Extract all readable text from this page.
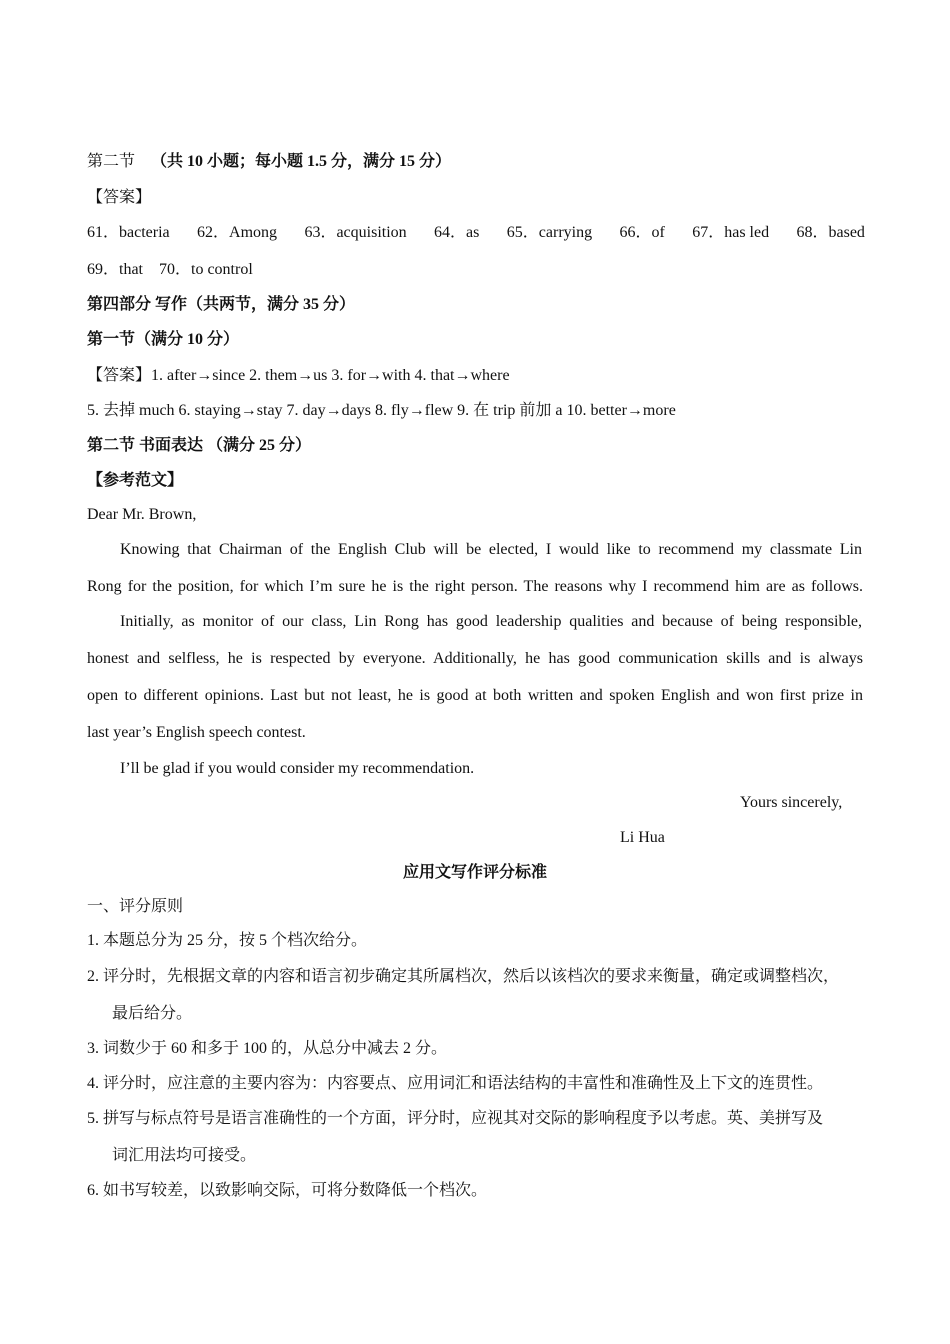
第二节 （共 10 小题；每小题 1.5 分，满分 15 分）
【答案】
61．bacteria 62．Among 63．acquisition 64．as 65．carrying 66．of 67．has led 68．based
69．that 70．to control
第四部分 写作（共两节，满分 35 分）
第一节（满分 10 分）
【答案】1. after→since 2. them→us 3. for→with 4. that→where
5. 去掉 much 6. staying→stay 7. day→days 8. fly→flew 9. 在 trip 前加 a 10. better→more
第二节 书面表达 （满分 25 分）
【参考范文】
Dear Mr. Brown,
Knowing that Chairman of the English Club will be elected, I would like to recommend my classmate Lin
Rong for the position, for which I’m sure he is the right person. The reasons why I recommend him are as follows.
Initially, as monitor of our class, Lin Rong has good leadership qualities and because of being responsible,
honest and selfless, he is respected by everyone. Additionally, he has good communication skills and is always
open to different opinions. Last but not least, he is good at both written and spoken English and won first prize in
last year’s English speech contest.
I’ll be glad if you would consider my recommendation.
Yours sincerely,
Li Hua
应用文写作评分标准
一、评分原则
1. 本题总分为 25 分，按 5 个档次给分。
2. 评分时，先根据文章的内容和语言初步确定其所属档次，然后以该档次的要求来衡量，确定或调整档次，
最后给分。
3. 词数少于 60 和多于 100 的，从总分中减去 2 分。
4. 评分时，应注意的主要内容为：内容要点、应用词汇和语法结构的丰富性和准确性及上下文的连贯性。
5. 拼写与标点符号是语言准确性的一个方面，评分时，应视其对交际的影响程度予以考虑。英、美拼写及
词汇用法均可接受。
6. 如书写较差，以致影响交际，可将分数降低一个档次。
